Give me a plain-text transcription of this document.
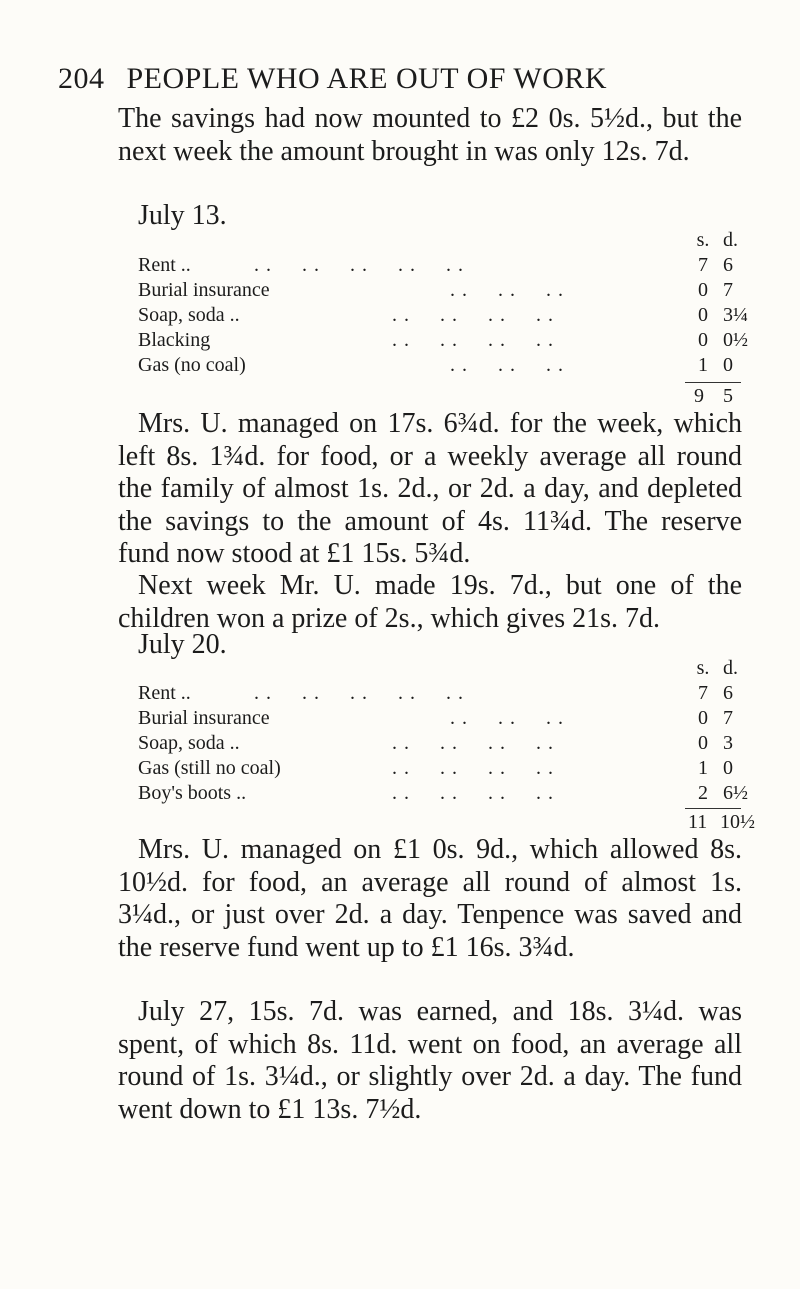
204 PEOPLE WHO ARE OUT OF WORK

The savings had now mounted to £2 0s. 5½d., but the next week the amount brought in was only 12s. 7d.

July 13.
s. d.
Rent ..	. .     . .     . .     . .     . .	7 6
Burial insurance	. .     . .     . .	0 7
Soap, soda ..	. .     . .     . .     . .	0 3¼
Blacking	. .     . .     . .     . .	0 0½
Gas (no coal)	. .     . .     . .	1 0
9 5

Mrs. U. managed on 17s. 6¾d. for the week, which left 8s. 1¾d. for food, or a weekly average all round the family of almost 1s. 2d., or 2d. a day, and depleted the savings to the amount of 4s. 11¾d. The reserve fund now stood at £1 15s. 5¾d.

Next week Mr. U. made 19s. 7d., but one of the children won a prize of 2s., which gives 21s. 7d.

July 20.
s. d.
Rent ..	. .     . .     . .     . .     . .	7 6
Burial insurance	. .     . .     . .	0 7
Soap, soda ..	. .     . .     . .     . .	0 3
Gas (still no coal)	. .     . .     . .     . .	1 0
Boy's boots ..	. .     . .     . .     . .	2 6½
11 10½

Mrs. U. managed on £1 0s. 9d., which allowed 8s. 10½d. for food, an average all round of almost 1s. 3¼d., or just over 2d. a day. Tenpence was saved and the reserve fund went up to £1 16s. 3¾d.

July 27, 15s. 7d. was earned, and 18s. 3¼d. was spent, of which 8s. 11d. went on food, an average all round of 1s. 3¼d., or slightly over 2d. a day. The fund went down to £1 13s. 7½d.
